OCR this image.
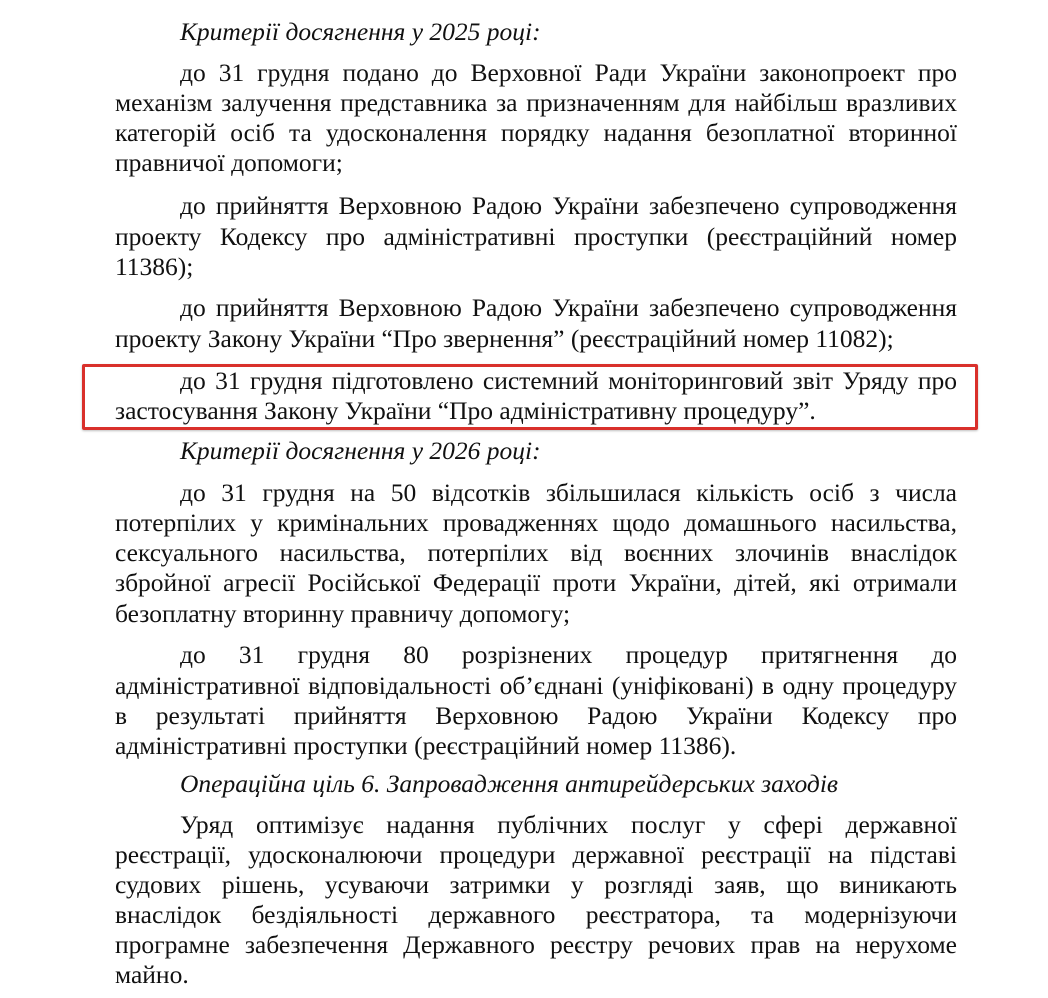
Критерії досягнення у 2025 році:
до 31 грудня подано до Верховної Ради України законопроект про
механізм залучення представника за призначенням для найбільш вразливих
категорій осіб та удосконалення порядку надання безоплатної вторинної
правничої допомоги;
до прийняття Верховною Радою України забезпечено супроводження
проекту Кодексу про адміністративні проступки (реєстраційний номер
11386);
до прийняття Верховною Радою України забезпечено супроводження
проекту Закону України “Про звернення” (реєстраційний номер 11082);
до 31 грудня підготовлено системний моніторинговий звіт Уряду про
застосування Закону України “Про адміністративну процедуру”.
Критерії досягнення у 2026 році:
до 31 грудня на 50 відсотків збільшилася кількість осіб з числа
потерпілих у кримінальних провадженнях щодо домашнього насильства,
сексуального насильства, потерпілих від воєнних злочинів внаслідок
збройної агресії Російської Федерації проти України, дітей, які отримали
безоплатну вторинну правничу допомогу;
до 31 грудня 80 розрізнених процедур притягнення до
адміністративної відповідальності об’єднані (уніфіковані) в одну процедуру
в результаті прийняття Верховною Радою України Кодексу про
адміністративні проступки (реєстраційний номер 11386).
Операційна ціль 6. Запровадження антирейдерських заходів
Уряд оптимізує надання публічних послуг у сфері державної
реєстрації, удосконалюючи процедури державної реєстрації на підставі
судових рішень, усуваючи затримки у розгляді заяв, що виникають
внаслідок бездіяльності державного реєстратора, та модернізуючи
програмне забезпечення Державного реєстру речових прав на нерухоме
майно.
